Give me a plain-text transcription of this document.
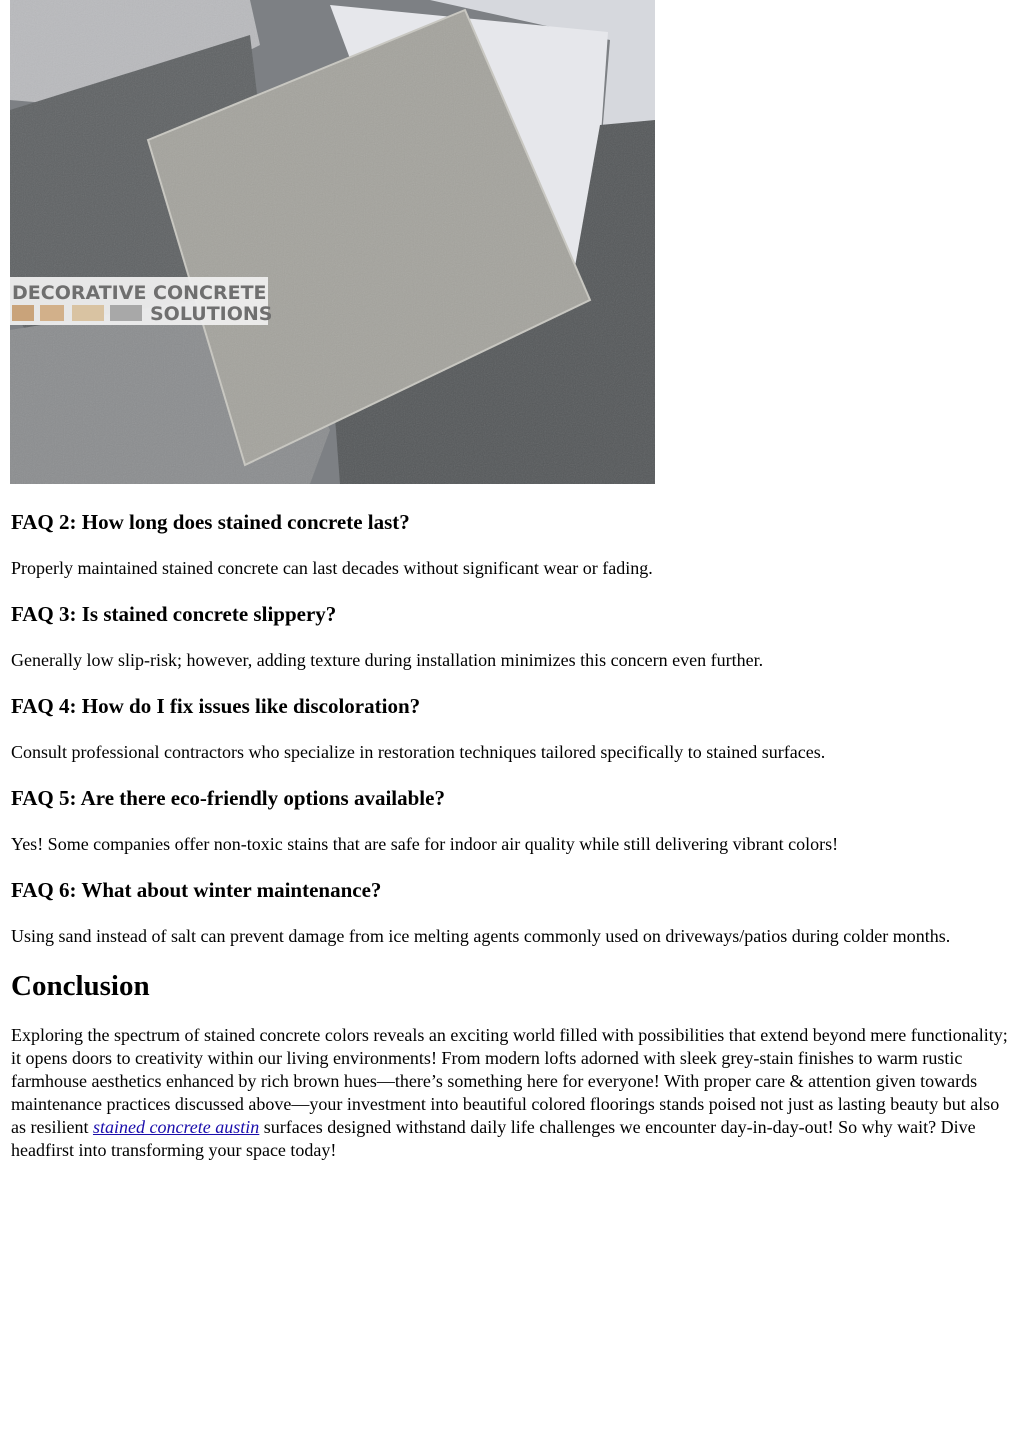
DECORATIVE CONCRETE
SOLUTIONS
FAQ 2: How long does stained concrete last?

Properly maintained stained concrete can last decades without significant wear or fading.

FAQ 3: Is stained concrete slippery?

Generally low slip-risk; however, adding texture during installation minimizes this concern even further.

FAQ 4: How do I fix issues like discoloration?

Consult professional contractors who specialize in restoration techniques tailored specifically to stained surfaces.

FAQ 5: Are there eco-friendly options available?

Yes! Some companies offer non-toxic stains that are safe for indoor air quality while still delivering vibrant colors!

FAQ 6: What about winter maintenance?

Using sand instead of salt can prevent damage from ice melting agents commonly used on driveways/patios during colder months.

Conclusion

Exploring the spectrum of stained concrete colors reveals an exciting world filled with possibilities that extend beyond mere functionality; it opens doors to creativity within our living environments! From modern lofts adorned with sleek grey-stain finishes to warm rustic farmhouse aesthetics enhanced by rich brown hues—there’s something here for everyone! With proper care & attention given towards maintenance practices discussed above—your investment into beautiful colored floorings stands poised not just as lasting beauty but also as resilient stained concrete austin surfaces designed withstand daily life challenges we encounter day-in-day-out! So why wait? Dive headfirst into transforming your space today!
